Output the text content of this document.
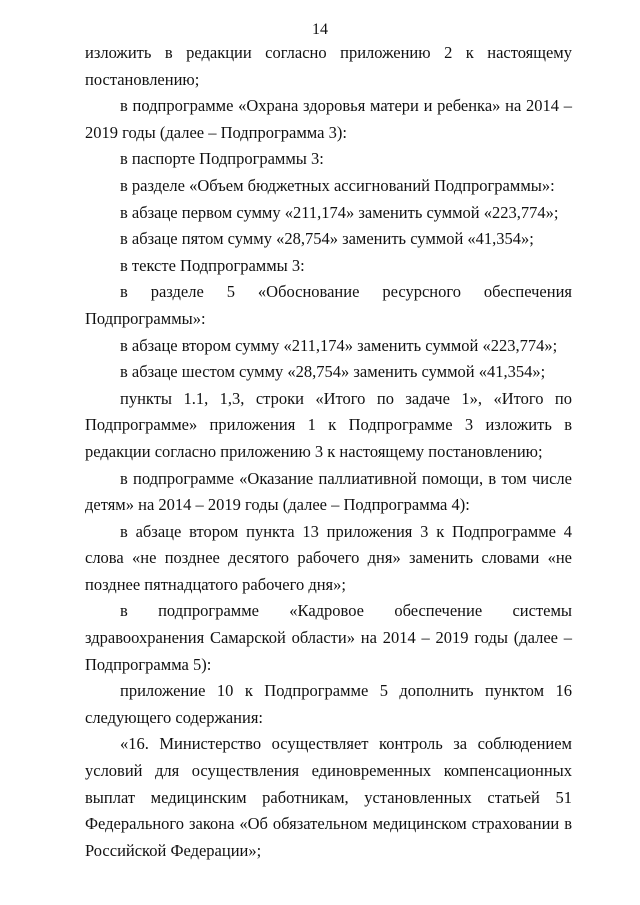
14

изложить в редакции согласно приложению 2 к настоящему постановлению;

в подпрограмме «Охрана здоровья матери и ребенка» на 2014 – 2019 годы (далее – Подпрограмма 3):

в паспорте Подпрограммы 3:

в разделе «Объем бюджетных ассигнований Подпрограммы»:

в абзаце первом сумму «211,174» заменить суммой «223,774»;

в абзаце пятом сумму «28,754» заменить суммой «41,354»;

в тексте Подпрограммы 3:

в разделе 5 «Обоснование ресурсного обеспечения Подпрограммы»:

в абзаце втором сумму «211,174» заменить суммой «223,774»;

в абзаце шестом сумму «28,754» заменить суммой «41,354»;

пункты 1.1, 1,3, строки «Итого по задаче 1», «Итого по Подпрограмме» приложения 1 к Подпрограмме 3 изложить в редакции согласно приложению 3 к настоящему постановлению;

в подпрограмме «Оказание паллиативной помощи, в том числе детям» на 2014 – 2019 годы (далее – Подпрограмма 4):

в абзаце втором пункта 13 приложения 3 к Подпрограмме 4 слова «не позднее десятого рабочего дня» заменить словами «не позднее пятнадцатого рабочего дня»;

в подпрограмме «Кадровое обеспечение системы здравоохранения Самарской области» на 2014 – 2019 годы (далее – Подпрограмма 5):

приложение 10 к Подпрограмме 5 дополнить пунктом 16 следующего содержания:

«16. Министерство осуществляет контроль за соблюдением условий для осуществления единовременных компенсационных выплат медицинским работникам, установленных статьей 51 Федерального закона «Об обязательном медицинском страховании в Российской Федерации»;
